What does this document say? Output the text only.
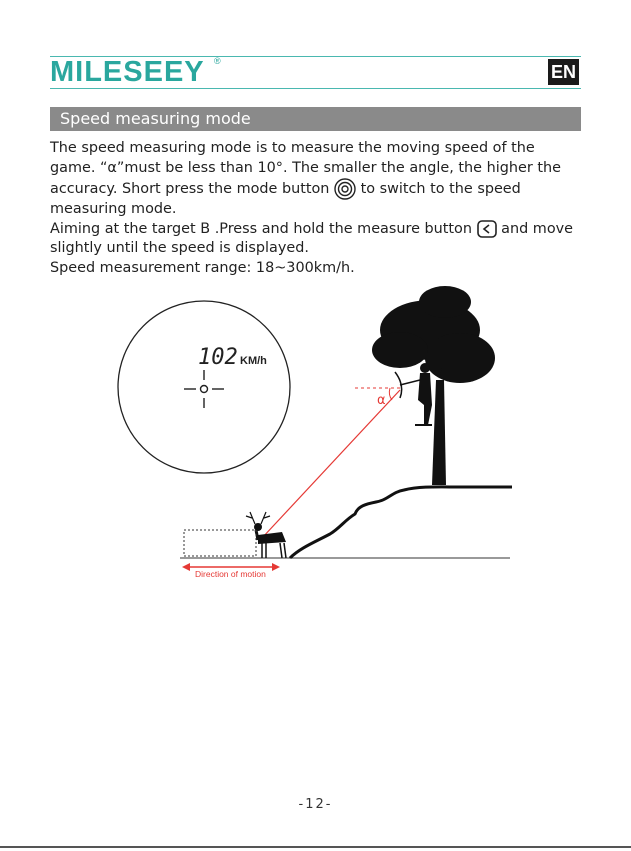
MILESEEY ®
EN
Speed measuring mode

The speed measuring mode is to measure the moving speed of the

game. “α”must be less than 10°. The smaller the angle, the higher the

accuracy. Short press the mode button to switch to the speed

measuring mode.

Aiming at the target B .Press and hold the measure button and move

slightly until the speed is displayed.

Speed measurement range: 18~300km/h.

102 KM/h
α
Direction of motion
-12-
